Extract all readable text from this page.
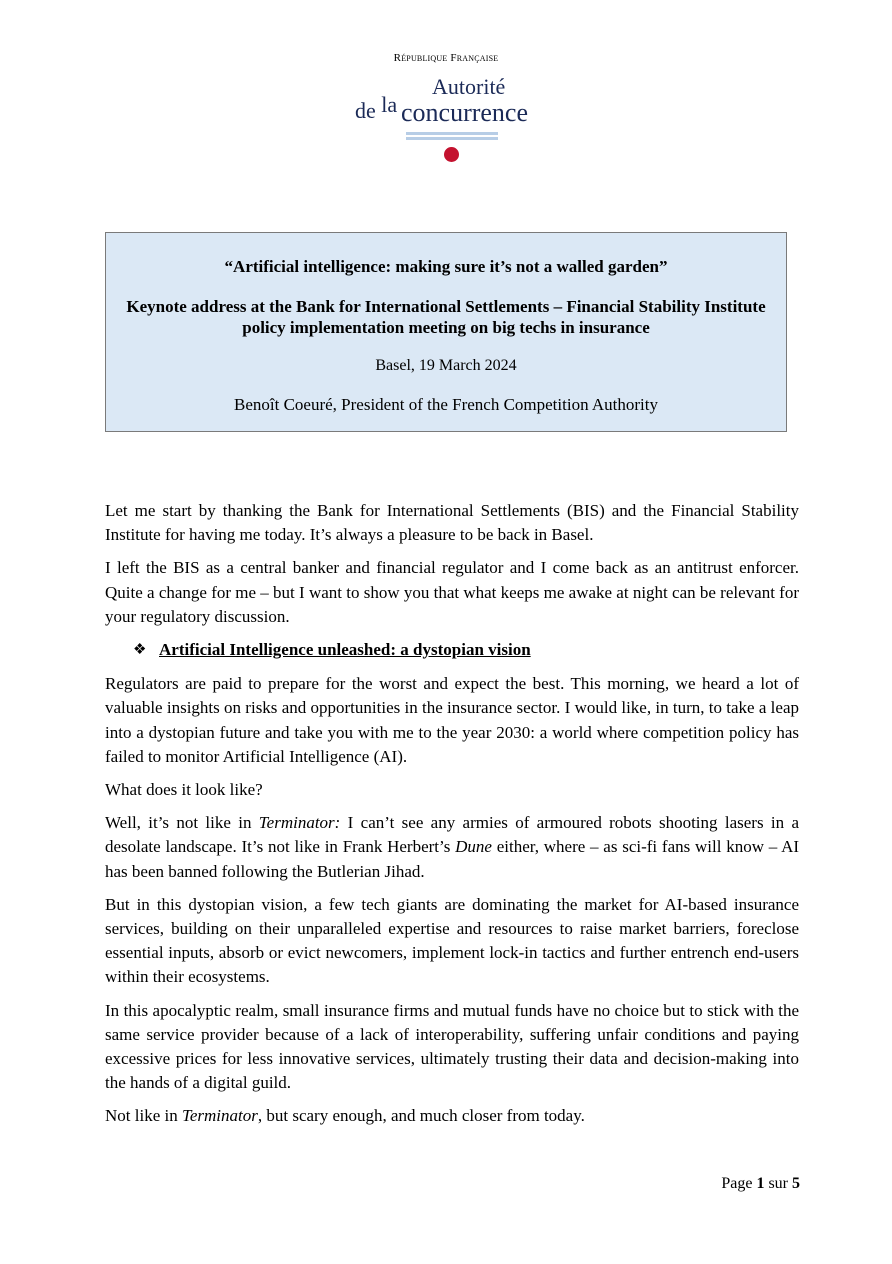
République Française
Autorité
de la concurrence
“Artificial intelligence: making sure it’s not a walled garden”
Keynote address at the Bank for International Settlements – Financial Stability Institute policy implementation meeting on big techs in insurance
Basel, 19 March 2024
Benoît Coeuré, President of the French Competition Authority

Let me start by thanking the Bank for International Settlements (BIS) and the Financial Stability Institute for having me today. It’s always a pleasure to be back in Basel.

I left the BIS as a central banker and financial regulator and I come back as an antitrust enforcer. Quite a change for me – but I want to show you that what keeps me awake at night can be relevant for your regulatory discussion.

❖ Artificial Intelligence unleashed: a dystopian vision

Regulators are paid to prepare for the worst and expect the best. This morning, we heard a lot of valuable insights on risks and opportunities in the insurance sector. I would like, in turn, to take a leap into a dystopian future and take you with me to the year 2030: a world where competition policy has failed to monitor Artificial Intelligence (AI).

What does it look like?

Well, it’s not like in Terminator: I can’t see any armies of armoured robots shooting lasers in a desolate landscape. It’s not like in Frank Herbert’s Dune either, where – as sci-fi fans will know – AI has been banned following the Butlerian Jihad.

But in this dystopian vision, a few tech giants are dominating the market for AI-based insurance services, building on their unparalleled expertise and resources to raise market barriers, foreclose essential inputs, absorb or evict newcomers, implement lock-in tactics and further entrench end-users within their ecosystems.

In this apocalyptic realm, small insurance firms and mutual funds have no choice but to stick with the same service provider because of a lack of interoperability, suffering unfair conditions and paying excessive prices for less innovative services, ultimately trusting their data and decision-making into the hands of a digital guild.

Not like in Terminator, but scary enough, and much closer from today.

Page 1 sur 5
